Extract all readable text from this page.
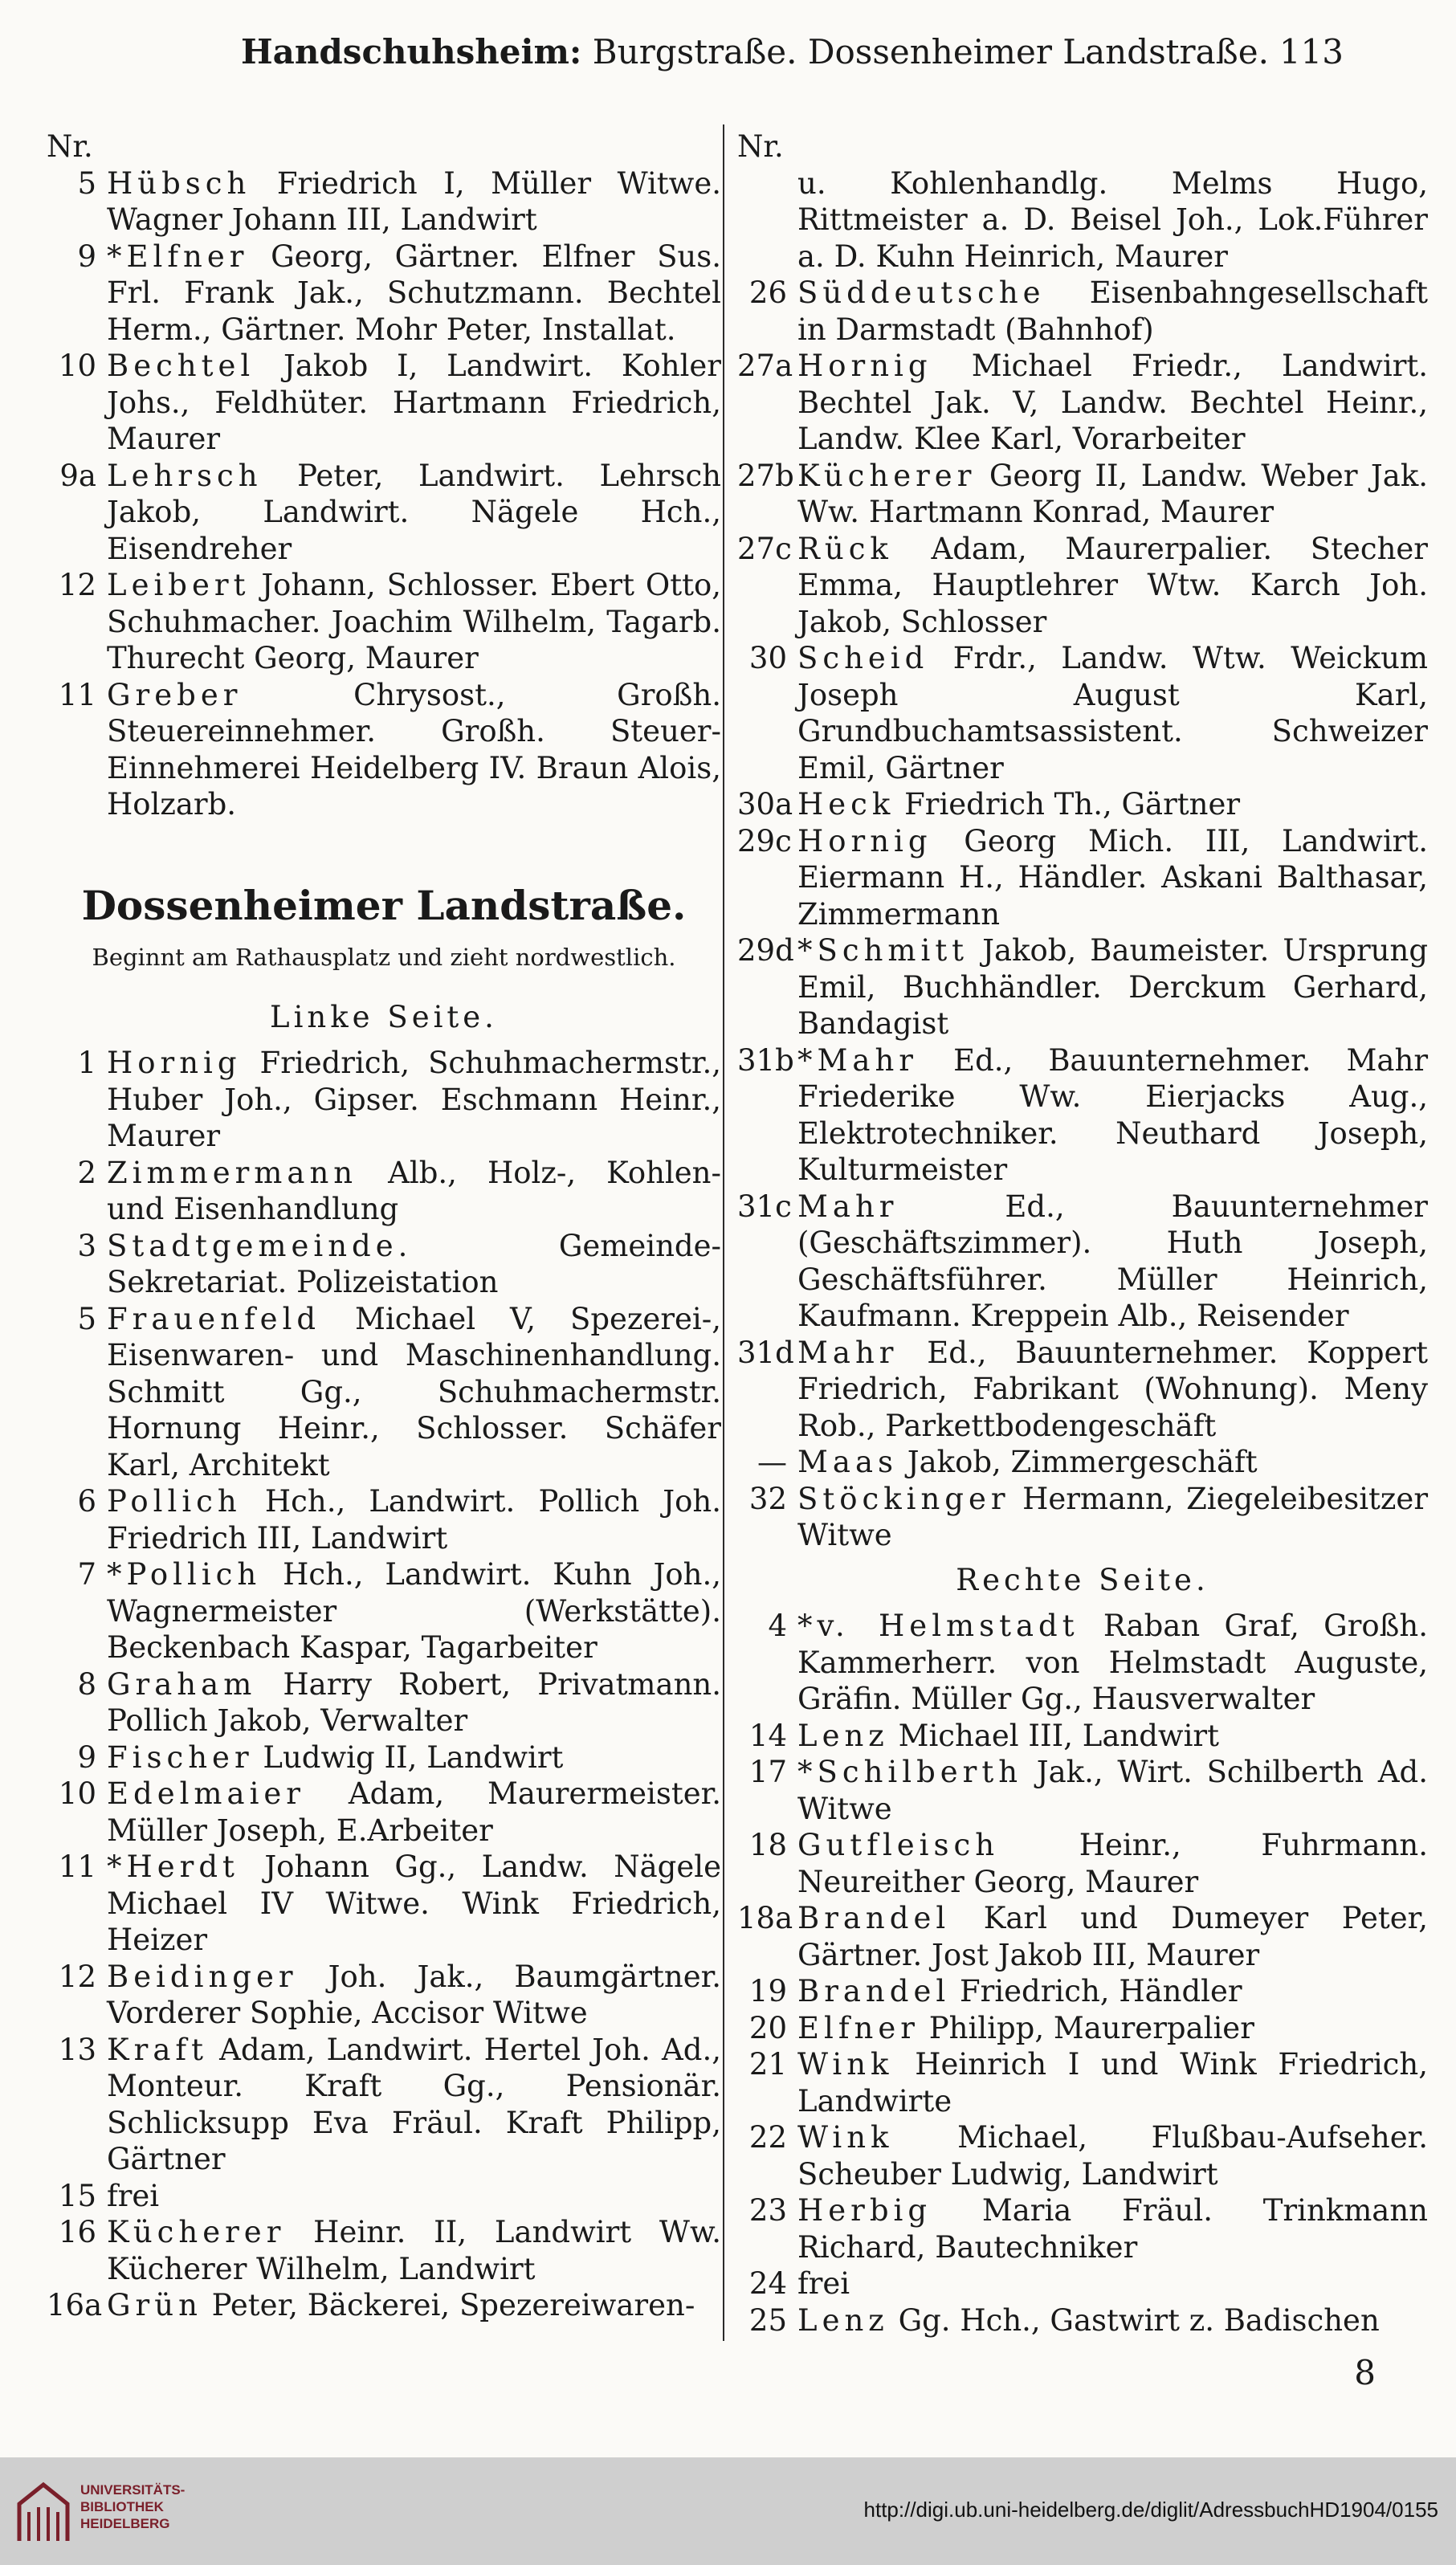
Handschuhsheim: Burgstraße. Dossenheimer Landstraße. 113
Nr.
5 Hübsch Friedrich I, Müller Witwe. Wagner Johann III, Landwirt
9 *Elfner Georg, Gärtner. Elfner Sus. Frl. Frank Jak., Schutzmann. Bechtel Herm., Gärtner. Mohr Peter, Installat.
10 Bechtel Jakob I, Landwirt. Kohler Johs., Feldhüter. Hartmann Friedrich, Maurer
9a Lehrsch Peter, Landwirt. Lehrsch Jakob, Landwirt. Nägele Hch., Eisendreher
12 Leibert Johann, Schlosser. Ebert Otto, Schuhmacher. Joachim Wilhelm, Tagarb. Thurecht Georg, Maurer
11 Greber	Chrysost., Großh. Steuereinnehmer. Großh. Steuer-Einnehmerei Heidelberg IV. Braun Alois, Holzarb.
Dossenheimer Landstraße.
Beginnt am Rathausplatz und zieht nordwestlich.
Linke Seite.
1 Hornig Friedrich, Schuhmachermstr., Huber Joh., Gipser. Eschmann Heinr., Maurer
2 Zimmermann Alb., Holz-, Kohlen- und Eisenhandlung
3 Stadtgemeinde.	Gemeinde-Sekretariat. Polizeistation
5 Frauenfeld Michael V, Spezerei-, Eisenwaren- und Maschinenhandlung. Schmitt Gg., Schuhmachermstr. Hornung Heinr., Schlosser. Schäfer Karl, Architekt
6 Pollich Hch., Landwirt. Pollich Joh. Friedrich III, Landwirt
7 *Pollich Hch., Landwirt. Kuhn Joh., Wagnermeister (Werkstätte). Beckenbach Kaspar, Tagarbeiter
8 Graham Harry Robert, Privatmann. Pollich Jakob, Verwalter
9 Fischer Ludwig II, Landwirt
10 Edelmaier Adam, Maurermeister. Müller Joseph, E.Arbeiter
11 *Herdt Johann Gg., Landw. Nägele Michael IV Witwe. Wink Friedrich, Heizer
12 Beidinger Joh. Jak., Baumgärtner. Vorderer Sophie, Accisor Witwe
13 Kraft Adam, Landwirt. Hertel Joh. Ad., Monteur. Kraft Gg., Pensionär. Schlicksupp Eva Fräul. Kraft Philipp, Gärtner
15 frei
16 Kücherer Heinr. II, Landwirt Ww. Kücherer Wilhelm, Landwirt
16a Grün Peter, Bäckerei, Spezereiwaren-
Nr.
u. Kohlenhandlg. Melms Hugo, Rittmeister a. D. Beisel Joh., Lok.Führer a. D. Kuhn Heinrich, Maurer
26 Süddeutsche Eisenbahngesellschaft in Darmstadt (Bahnhof)
27a Hornig Michael Friedr., Landwirt. Bechtel Jak. V, Landw. Bechtel Heinr., Landw. Klee Karl, Vorarbeiter
27b Kücherer Georg II, Landw. Weber Jak. Ww. Hartmann Konrad, Maurer
27c Rück Adam, Maurerpalier. Stecher Emma, Hauptlehrer Wtw. Karch Joh. Jakob, Schlosser
30 Scheid Frdr., Landw. Wtw. Weickum Joseph August Karl, Grundbuchamtsassistent. Schweizer Emil, Gärtner
30a Heck Friedrich Th., Gärtner
29c Hornig Georg Mich. III, Landwirt. Eiermann H., Händler. Askani Balthasar, Zimmermann
29d *Schmitt Jakob, Baumeister. Ursprung Emil, Buchhändler. Derckum Gerhard, Bandagist
31b *Mahr Ed., Bauunternehmer. Mahr Friederike Ww. Eierjacks Aug., Elektrotechniker. Neuthard Joseph, Kulturmeister
31c Mahr	Ed., Bauunternehmer (Geschäftszimmer). Huth Joseph, Geschäftsführer. Müller Heinrich, Kaufmann. Kreppein Alb., Reisender
31d Mahr Ed., Bauunternehmer. Koppert Friedrich, Fabrikant (Wohnung). Meny Rob., Parkettbodengeschäft
— Maas Jakob, Zimmergeschäft
32 Stöckinger Hermann, Ziegeleibesitzer Witwe
Rechte Seite.
4 *v. Helmstadt Raban Graf, Großh. Kammerherr. von Helmstadt Auguste, Gräfin. Müller Gg., Hausverwalter
14 Lenz Michael III, Landwirt
17 *Schilberth Jak., Wirt. Schilberth Ad. Witwe
18 Gutfleisch	Heinr., Fuhrmann. Neureither Georg, Maurer
18a Brandel Karl und Dumeyer Peter, Gärtner. Jost Jakob III, Maurer
19 Brandel Friedrich, Händler
20 Elfner Philipp, Maurerpalier
21 Wink Heinrich I und Wink Friedrich, Landwirte
22 Wink Michael, Flußbau-Aufseher. Scheuber Ludwig, Landwirt
23 Herbig Maria Fräul. Trinkmann Richard, Bautechniker
24 frei
25 Lenz Gg. Hch., Gastwirt z. Badischen
8
UNIVERSITÄTS-
BIBLIOTHEK
HEIDELBERG
http://digi.ub.uni-heidelberg.de/diglit/AdressbuchHD1904/0155
